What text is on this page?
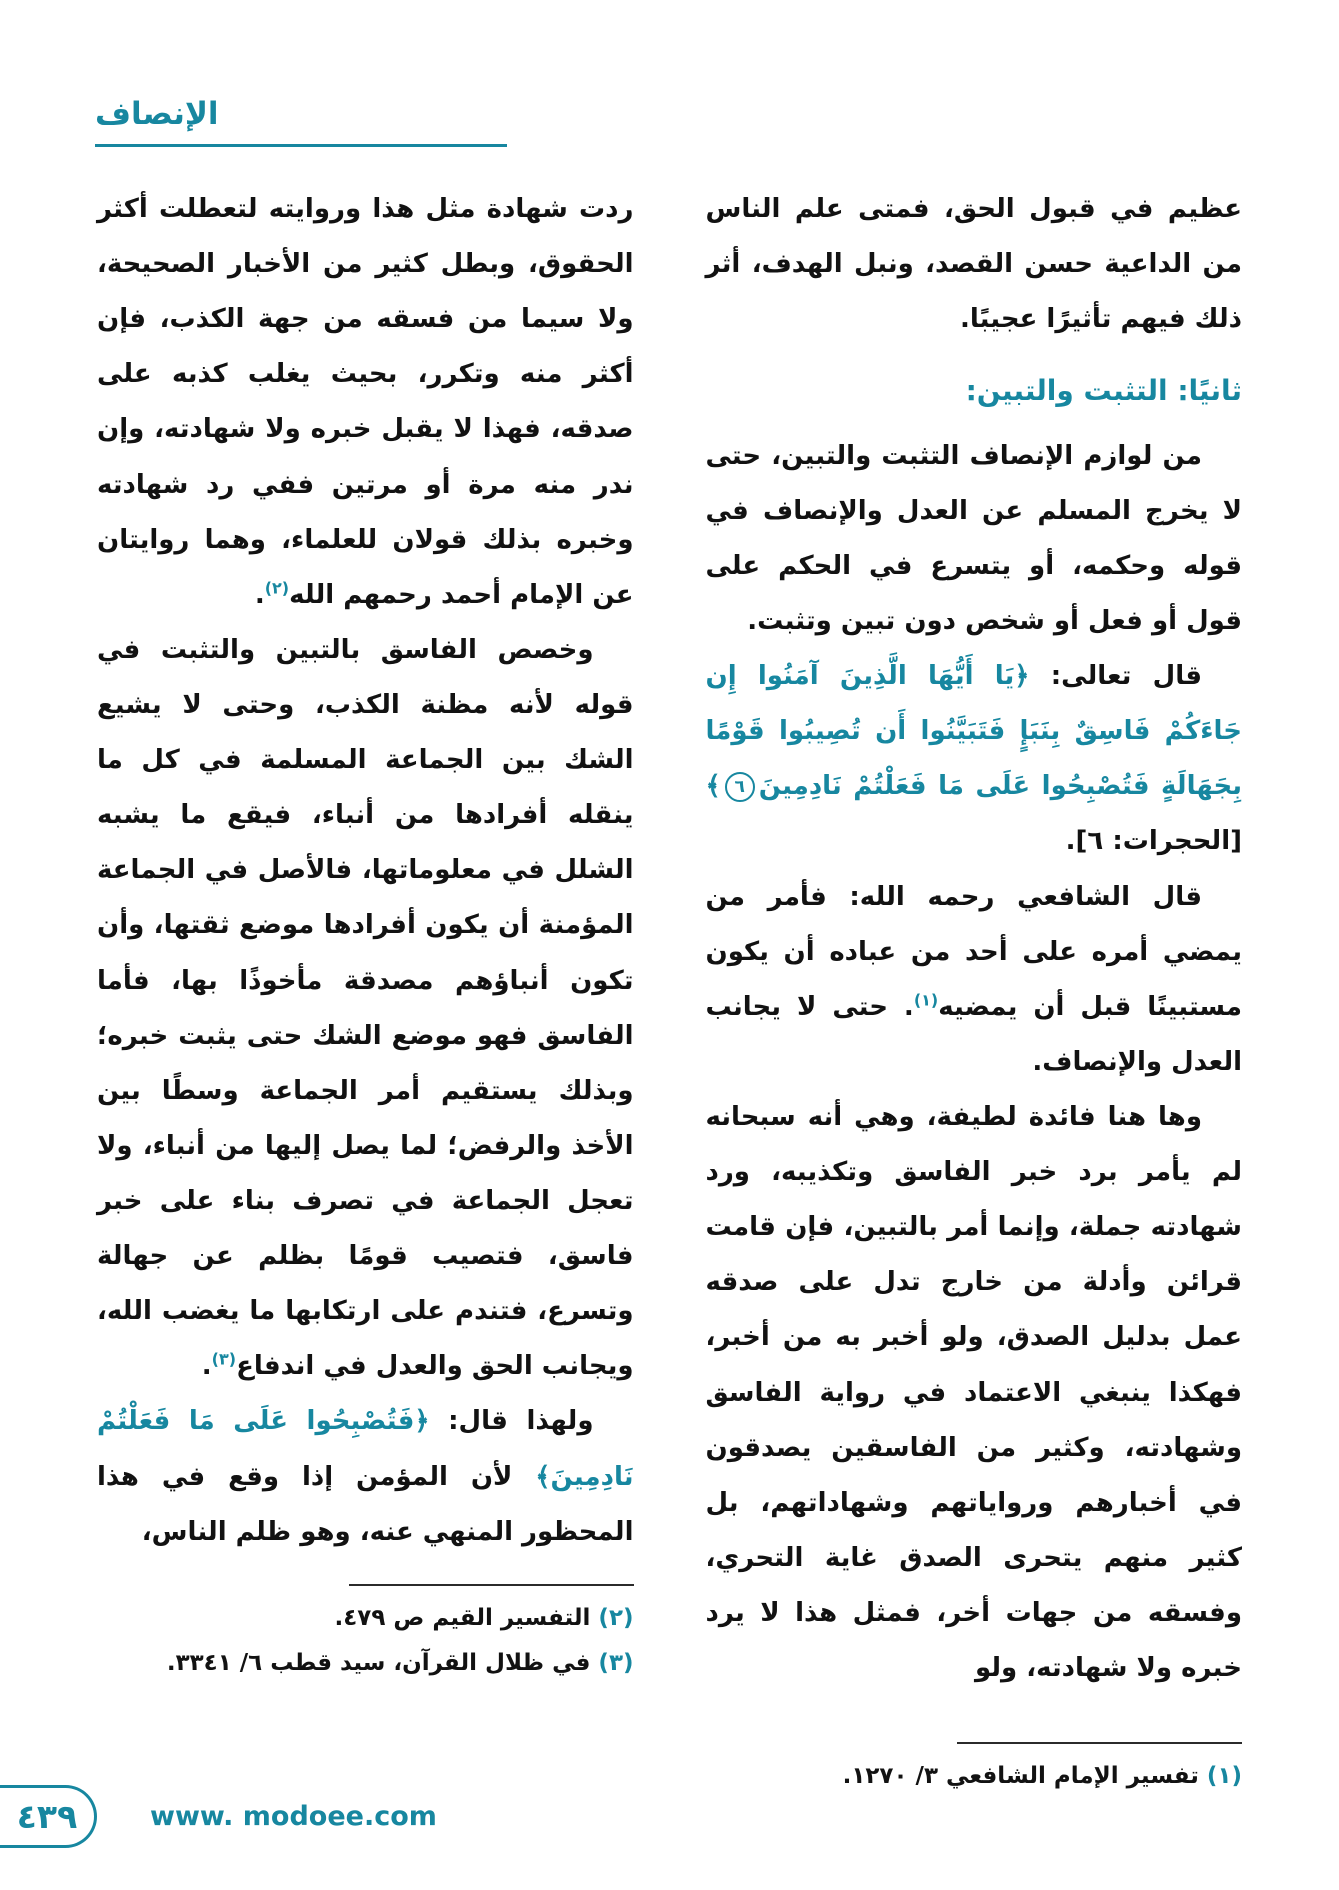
الإنصاف

عظيم في قبول الحق، فمتى علم الناس من الداعية حسن القصد، ونبل الهدف، أثر ذلك فيهم تأثيرًا عجيبًا.

ثانيًا: التثبت والتبين:

من لوازم الإنصاف التثبت والتبين، حتى لا يخرج المسلم عن العدل والإنصاف في قوله وحكمه، أو يتسرع في الحكم على قول أو فعل أو شخص دون تبين وتثبت.

قال تعالى: ﴿يَا أَيُّهَا الَّذِينَ آمَنُوا إِن جَاءَكُمْ فَاسِقٌ بِنَبَإٍ فَتَبَيَّنُوا أَن تُصِيبُوا قَوْمًا بِجَهَالَةٍ فَتُصْبِحُوا عَلَى مَا فَعَلْتُمْ نَادِمِينَ٦﴾ [الحجرات: ٦].

قال الشافعي رحمه الله: فأمر من يمضي أمره على أحد من عباده أن يكون مستبينًا قبل أن يمضيه$^{(١)}$. حتى لا يجانب العدل والإنصاف.

وها هنا فائدة لطيفة، وهي أنه سبحانه لم يأمر برد خبر الفاسق وتكذيبه، ورد شهادته جملة، وإنما أمر بالتبين، فإن قامت قرائن وأدلة من خارج تدل على صدقه عمل بدليل الصدق، ولو أخبر به من أخبر، فهكذا ينبغي الاعتماد في رواية الفاسق وشهادته، وكثير من الفاسقين يصدقون في أخبارهم ورواياتهم وشهاداتهم، بل كثير منهم يتحرى الصدق غاية التحري، وفسقه من جهات أخر، فمثل هذا لا يرد خبره ولا شهادته، ولو

(١) تفسير الإمام الشافعي ٣/ ١٢٧٠.

ردت شهادة مثل هذا وروايته لتعطلت أكثر الحقوق، وبطل كثير من الأخبار الصحيحة، ولا سيما من فسقه من جهة الكذب، فإن أكثر منه وتكرر، بحيث يغلب كذبه على صدقه، فهذا لا يقبل خبره ولا شهادته، وإن ندر منه مرة أو مرتين ففي رد شهادته وخبره بذلك قولان للعلماء، وهما روايتان عن الإمام أحمد رحمهم الله$^{(٢)}$.

وخصص الفاسق بالتبين والتثبت في قوله لأنه مظنة الكذب، وحتى لا يشيع الشك بين الجماعة المسلمة في كل ما ينقله أفرادها من أنباء، فيقع ما يشبه الشلل في معلوماتها، فالأصل في الجماعة المؤمنة أن يكون أفرادها موضع ثقتها، وأن تكون أنباؤهم مصدقة مأخوذًا بها، فأما الفاسق فهو موضع الشك حتى يثبت خبره؛ وبذلك يستقيم أمر الجماعة وسطًا بين الأخذ والرفض؛ لما يصل إليها من أنباء، ولا تعجل الجماعة في تصرف بناء على خبر فاسق، فتصيب قومًا بظلم عن جهالة وتسرع، فتندم على ارتكابها ما يغضب الله، ويجانب الحق والعدل في اندفاع$^{(٣)}$.

ولهذا قال: ﴿فَتُصْبِحُوا عَلَى مَا فَعَلْتُمْ نَادِمِينَ﴾ لأن المؤمن إذا وقع في هذا المحظور المنهي عنه، وهو ظلم الناس،

(٢) التفسير القيم ص ٤٧٩.
(٣) في ظلال القرآن، سيد قطب ٦/ ٣٣٤١.
٤٣٩	www. modoee.com
